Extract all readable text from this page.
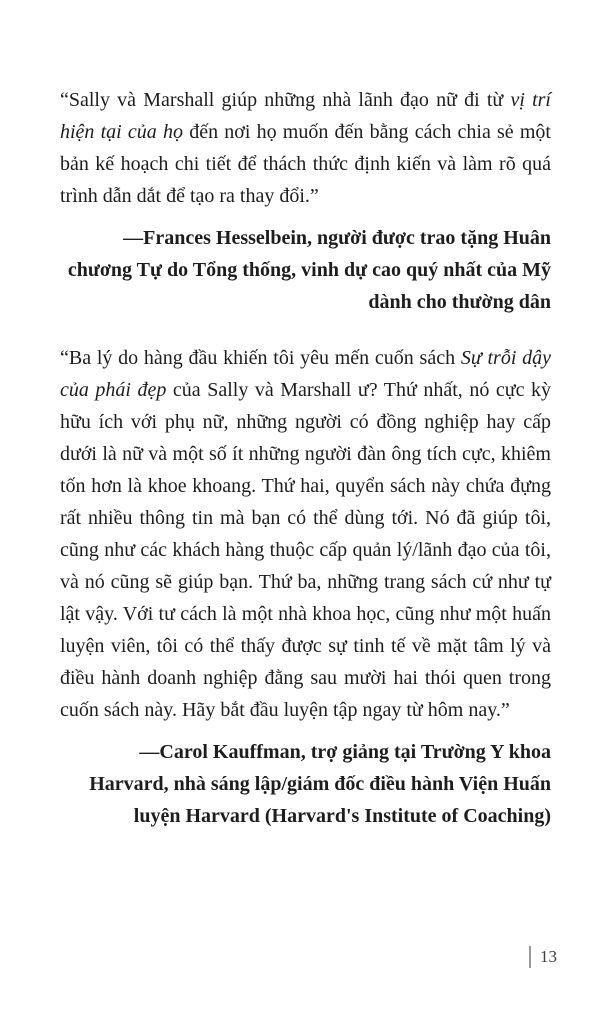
“Sally và Marshall giúp những nhà lãnh đạo nữ đi từ vị trí hiện tại của họ đến nơi họ muốn đến bằng cách chia sẻ một bản kế hoạch chi tiết để thách thức định kiến và làm rõ quá trình dẫn dắt để tạo ra thay đổi.”

—Frances Hesselbein, người được trao tặng Huân chương Tự do Tổng thống, vinh dự cao quý nhất của Mỹ dành cho thường dân

“Ba lý do hàng đầu khiến tôi yêu mến cuốn sách Sự trỗi dậy của phái đẹp của Sally và Marshall ư? Thứ nhất, nó cực kỳ hữu ích với phụ nữ, những người có đồng nghiệp hay cấp dưới là nữ và một số ít những người đàn ông tích cực, khiêm tốn hơn là khoe khoang. Thứ hai, quyển sách này chứa đựng rất nhiều thông tin mà bạn có thể dùng tới. Nó đã giúp tôi, cũng như các khách hàng thuộc cấp quản lý/lãnh đạo của tôi, và nó cũng sẽ giúp bạn. Thứ ba, những trang sách cứ như tự lật vậy. Với tư cách là một nhà khoa học, cũng như một huấn luyện viên, tôi có thể thấy được sự tinh tế về mặt tâm lý và điều hành doanh nghiệp đằng sau mười hai thói quen trong cuốn sách này. Hãy bắt đầu luyện tập ngay từ hôm nay.”

—Carol Kauffman, trợ giảng tại Trường Y khoa Harvard, nhà sáng lập/giám đốc điều hành Viện Huấn luyện Harvard (Harvard's Institute of Coaching)

13
